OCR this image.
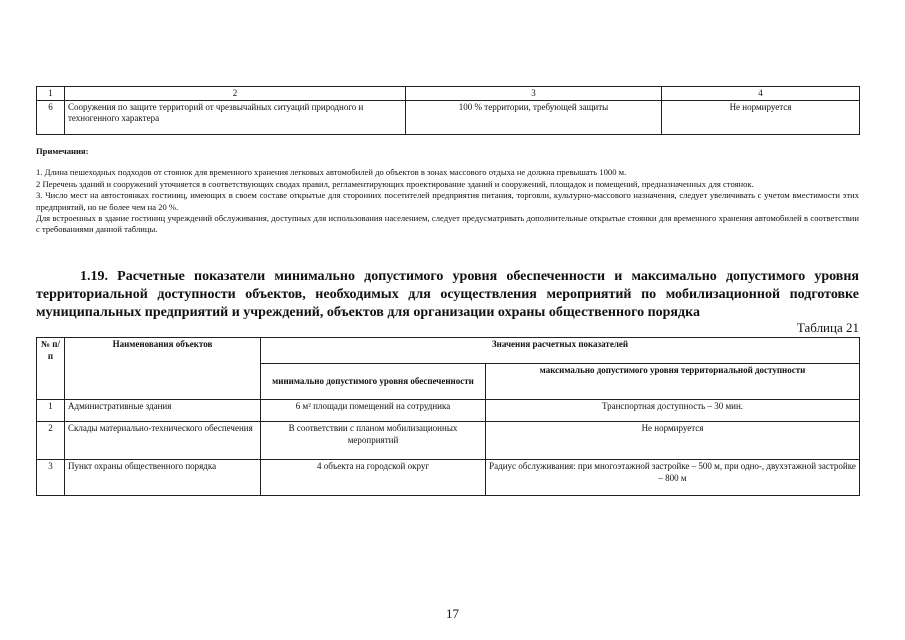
1	2	3	4
6	Сооружения по защите территорий от чрезвычайных ситуаций природного и техногенного характера	100 % территории, требующей защиты	Не нормируется
Примечания:

1. Длина пешеходных подходов от стоянок для временного хранения легковых автомобилей до объектов в зонах массового отдыха не должна превышать 1000 м.

2 Перечень зданий и сооружений уточняется в соответствующих сводах правил, регламентирующих проектирование зданий и сооружений, площадок и помещений, предназначенных для стоянок.

3. Число мест на автостоянках гостиниц, имеющих в своем составе открытые для сторонних посетителей предприятия питания, торговли, культурно-массового назначения, следует увеличивать с учетом вместимости этих предприятий, но не более чем на 20 %.

Для встроенных в здание гостиниц учреждений обслуживания, доступных для использования населением, следует предусматривать дополнительные открытые стоянки для временного хранения автомобилей в соответствии с требованиями данной таблицы.

1.19. Расчетные показатели минимально допустимого уровня обеспеченности и максимально допустимого уровня территориальной доступности объектов, необходимых для осуществления мероприятий по мобилизационной подготовке муниципальных предприятий и учреждений, объектов для организации охраны общественного порядка
Таблица 21
№ п/п	Наименования объектов	Значения расчетных показателей	
		минимально допустимого уровня обеспеченности	максимально допустимого уровня территориальной доступности
1	Административные здания	6 м² площади помещений на сотрудника	Транспортная доступность – 30 мин.
2	Склады материально-технического обеспечения	В соответствии с планом мобилизационных мероприятий	Не нормируется
3	Пункт охраны общественного порядка	4 объекта на городской округ	Радиус обслуживания: при многоэтажной застройке – 500 м, при одно-, двухэтажной застройке – 800 м
17
